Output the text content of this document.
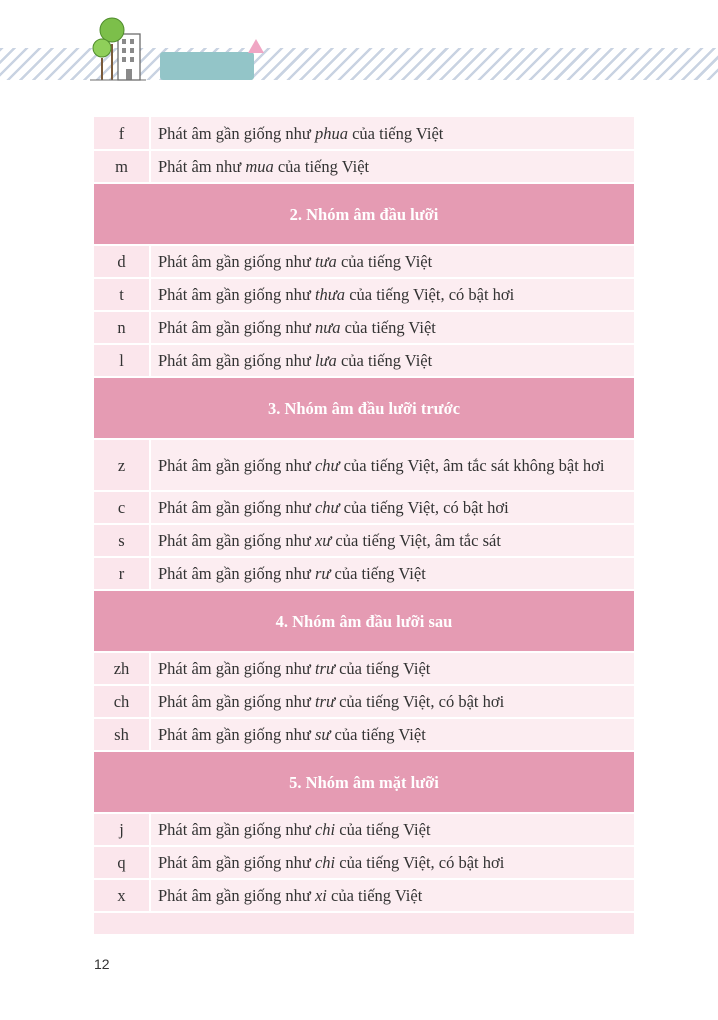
f	Phát âm gần giống như phua của tiếng Việt
m	Phát âm như mua của tiếng Việt
2. Nhóm âm đầu lưỡi	
d	Phát âm gần giống như tưa của tiếng Việt
t	Phát âm gần giống như thưa của tiếng Việt, có bật hơi
n	Phát âm gần giống như nưa của tiếng Việt
l	Phát âm gần giống như lưa của tiếng Việt
3. Nhóm âm đầu lưỡi trước	
z	Phát âm gần giống như chư của tiếng Việt, âm tắc sát không bật hơi
c	Phát âm gần giống như chư của tiếng Việt, có bật hơi
s	Phát âm gần giống như xư của tiếng Việt, âm tắc sát
r	Phát âm gần giống như rư của tiếng Việt
4. Nhóm âm đầu lưỡi sau	
zh	Phát âm gần giống như trư của tiếng Việt
ch	Phát âm gần giống như trư của tiếng Việt, có bật hơi
sh	Phát âm gần giống như sư của tiếng Việt
5. Nhóm âm mặt lưỡi	
j	Phát âm gần giống như chi của tiếng Việt
q	Phát âm gần giống như chi của tiếng Việt, có bật hơi
x	Phát âm gần giống như xi của tiếng Việt

12
